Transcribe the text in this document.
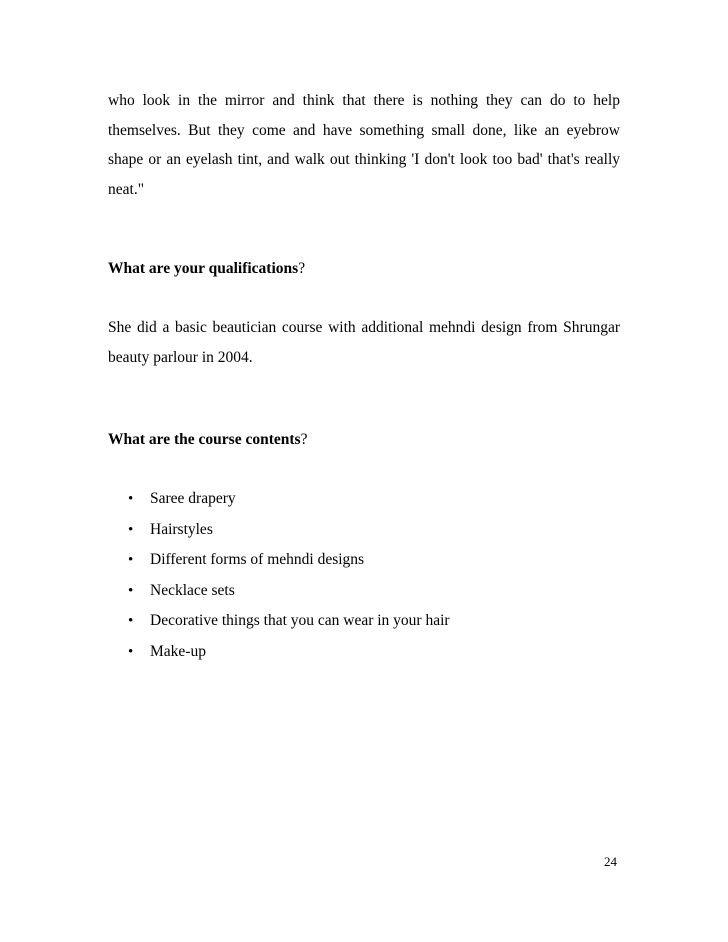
who look in the mirror and think that there is nothing they can do to help themselves. But they come and have something small done, like an eyebrow shape or an eyelash tint, and walk out thinking 'I don't look too bad' that's really neat."

What are your qualifications?

She did a basic beautician course with additional mehndi design from Shrungar beauty parlour in 2004.

What are the course contents?

• Saree drapery
• Hairstyles
• Different forms of mehndi designs
• Necklace sets
• Decorative things that you can wear in your hair
• Make-up
24
